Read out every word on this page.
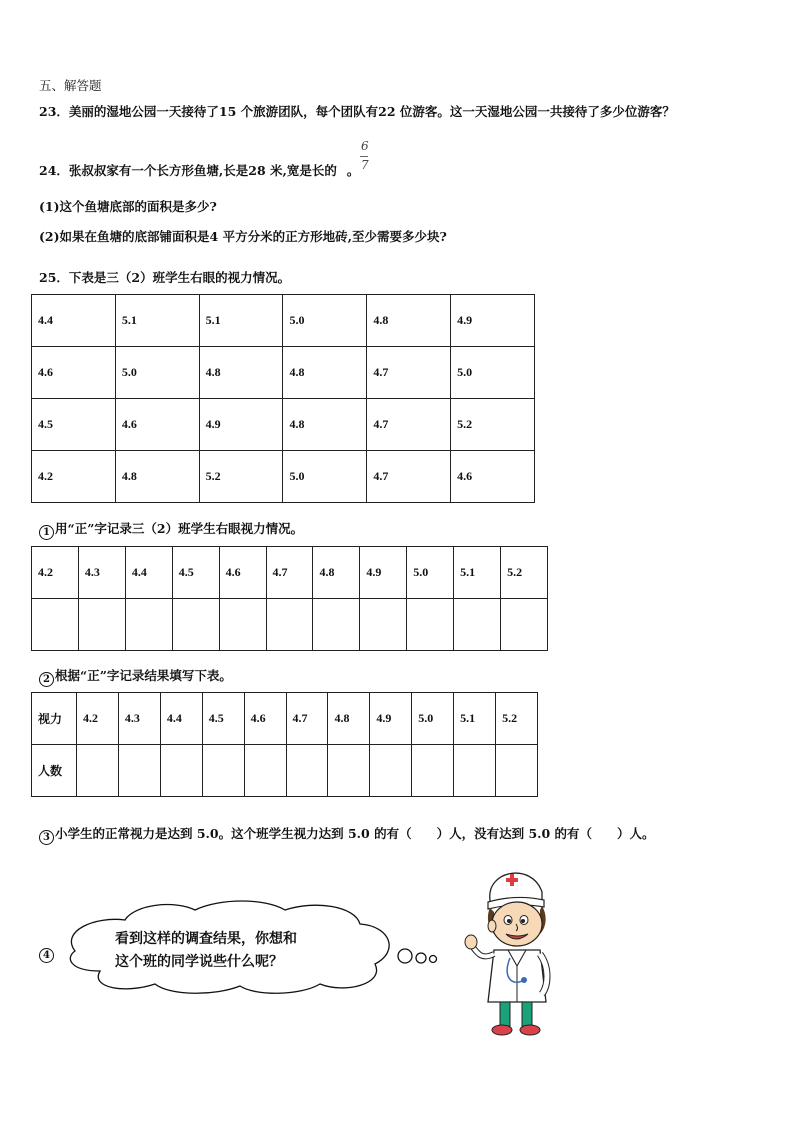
五、解答题
23．美丽的湿地公园一天接待了15 个旅游团队，每个团队有22 位游客。这一天湿地公园一共接待了多少位游客？
24．张叔叔家有一个长方形鱼塘,长是28 米,宽是长的 。
6
7
(1)这个鱼塘底部的面积是多少?
(2)如果在鱼塘的底部铺面积是4 平方分米的正方形地砖,至少需要多少块?
25．下表是三（2）班学生右眼的视力情况。
4.4	5.1	5.1	5.0	4.8	4.9
4.6	5.0	4.8	4.8	4.7	5.0
4.5	4.6	4.9	4.8	4.7	5.2
4.2	4.8	5.2	5.0	4.7	4.6
1 用“正”字记录三（2）班学生右眼视力情况。
4.2	4.3	4.4	4.5	4.6	4.7	4.8	4.9	5.0	5.1	5.2

2 根据“正”字记录结果填写下表。
视力	4.2	4.3	4.4	4.5	4.6	4.7	4.8	4.9	5.0	5.1	5.2
人数											
3 小学生的正常视力是达到 5.0。这个班学生视力达到 5.0 的有（　　）人，没有达到 5.0 的有（　　）人。
4
看到这样的调查结果，你想和
这个班的同学说些什么呢？
